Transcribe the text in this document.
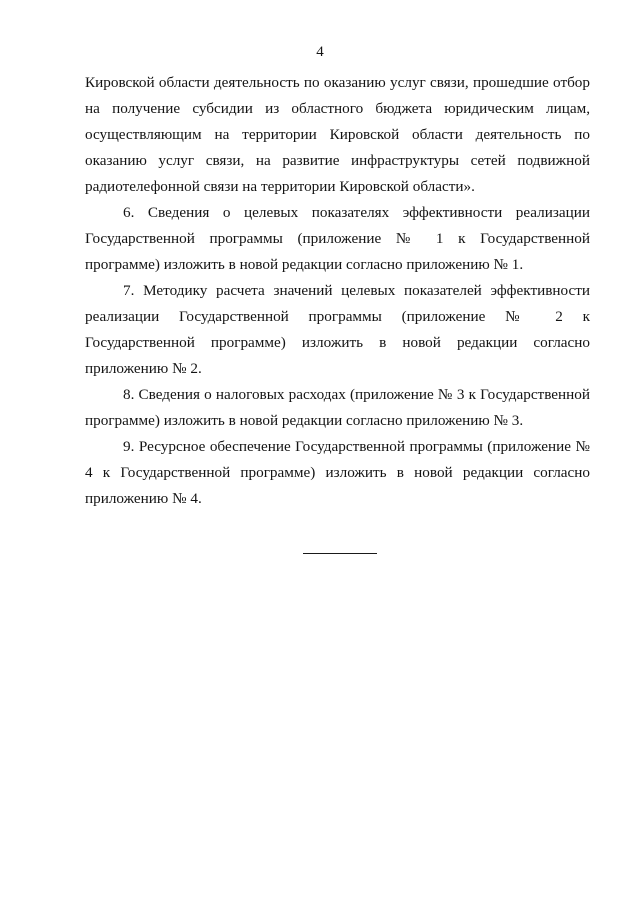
4

Кировской области деятельность по оказанию услуг связи, прошедшие отбор на получение субсидии из областного бюджета юридическим лицам, осуществляющим на территории Кировской области деятельность по оказанию услуг связи, на развитие инфраструктуры сетей подвижной радиотелефонной связи на территории Кировской области».

6. Сведения о целевых показателях эффективности реализации Государственной программы (приложение № 1 к Государственной программе) изложить в новой редакции согласно приложению № 1.

7. Методику расчета значений целевых показателей эффективности реализации Государственной программы (приложение № 2 к Государственной программе) изложить в новой редакции согласно приложению № 2.

8. Сведения о налоговых расходах (приложение № 3 к Государственной программе) изложить в новой редакции согласно приложению № 3.

9. Ресурсное обеспечение Государственной программы (приложение № 4 к Государственной программе) изложить в новой редакции согласно приложению № 4.
